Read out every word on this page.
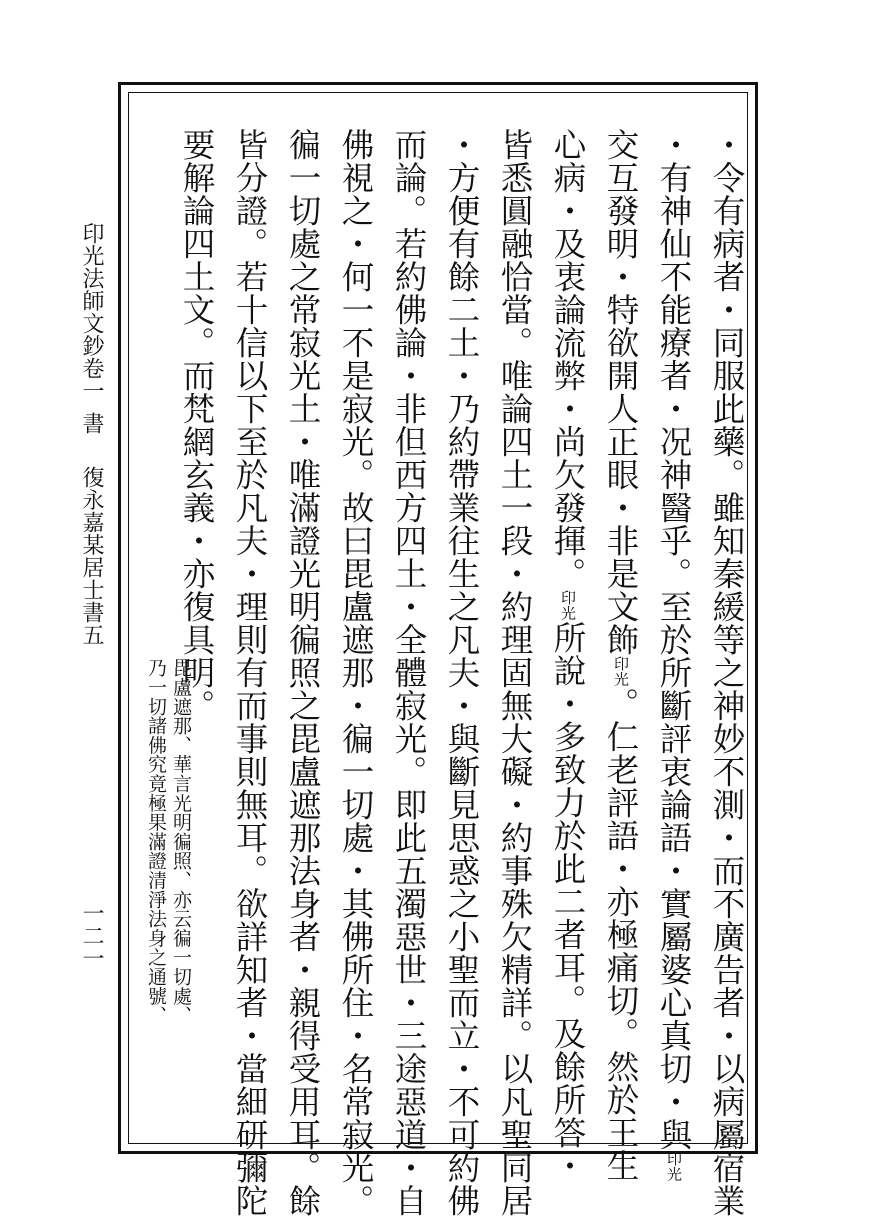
印光法師文鈔卷一
書
復永嘉某居士書五
一二一	・令有病者・同服此藥。雖知秦緩等之神妙不測・而不廣告者・以病屬宿業
・有神仙不能療者・况神醫乎。至於所斷評衷論語・實屬婆心真切・與印光
交互發明・特欲開人正眼・非是文飾印光。仁老評語・亦極痛切。然於王生
心病・及衷論流弊・尚欠發揮。印光所說・多致力於此二者耳。及餘所答・
皆悉圓融恰當。唯論四土一段・約理固無大礙・約事殊欠精詳。以凡聖同居
・方便有餘二土・乃約帶業往生之凡夫・與斷見思惑之小聖而立・不可約佛
而論。若約佛論・非但西方四土・全體寂光。即此五濁惡世・三途惡道・自
佛視之・何一不是寂光。故曰毘盧遮那・徧一切處・其佛所住・名常寂光。
徧一切處之常寂光土・唯滿證光明徧照之毘盧遮那法身者・親得受用耳。餘
皆分證。若十信以下至於凡夫・理則有而事則無耳。欲詳知者・當細研彌陀
要解論四土文。而梵網玄義・亦復具明。
毘盧遮那、華言光明徧照、亦云徧一切處、
乃一切諸佛究竟極果滿證清淨法身之通號、
